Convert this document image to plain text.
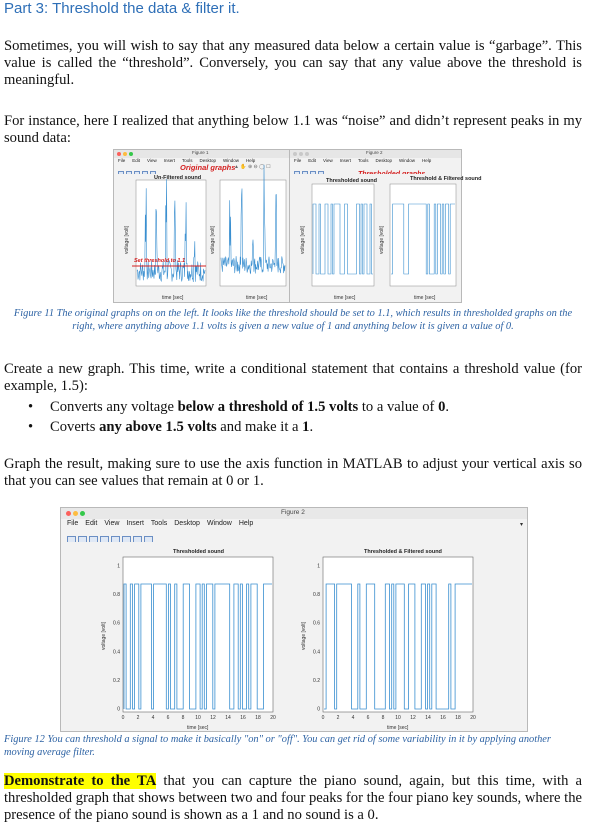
Part 3: Threshold the data & filter it.
Sometimes, you will wish to say that any measured data below a certain value is “garbage”. This value is called the “threshold”. Conversely, you can say that any value above the threshold is meaningful.
For instance, here I realized that anything below 1.1 was “noise” and didn’t represent peaks in my sound data:
Figure 1
File Edit View Insert Tools Desktop Window Help
Original graphs
▲ ✋ ⊕ ⊖ ◯ ☐
Un-Filtered sound
Set threshold to 1.1
voltage [volt]
time [sec]
voltage [volt]
time [sec]
Figure 2
File Edit View Insert Tools Desktop Window Help
Thresholded sound
voltage [volt]
time [sec]
Threshold & Filtered sound
voltage [volt]
time [sec]
Figure 11 The original graphs on on the left. It looks like the threshold should be set to 1.1, which results in thresholded graphs on the right, where anything above 1.1 volts is given a new value of 1 and anything below it is given a value of 0.
Create a new graph. This time, write a conditional statement that contains a threshold value (for example, 1.5):
• Converts any voltage below a threshold of 1.5 volts to a value of 0.
• Coverts any above 1.5 volts and make it a 1.
Graph the result, making sure to use the axis function in MATLAB to adjust your vertical axis so that you can see values that remain at 0 or 1.
Figure 2
File Edit View Insert Tools Desktop Window Help	▾
Thresholded sound
0
0.2
0.4
0.6
0.8
1
0 2 4 6 8 10 12 14 16 18 20
voltage [volt]
time [sec]
Thresholded & Filtered sound
0
0.2
0.4
0.6
0.8
1
0 2 4 6 8 10 12 14 16 18 20
voltage [volt]
time [sec]
Figure 12 You can threshold a signal to make it basically "on" or "off". You can get rid of some variability in it by applying another moving average filter.
Demonstrate to the TA that you can capture the piano sound, again, but this time, with a thresholded graph that shows between two and four peaks for the four piano key sounds, where the presence of the piano sound is shown as a 1 and no sound is a 0.
